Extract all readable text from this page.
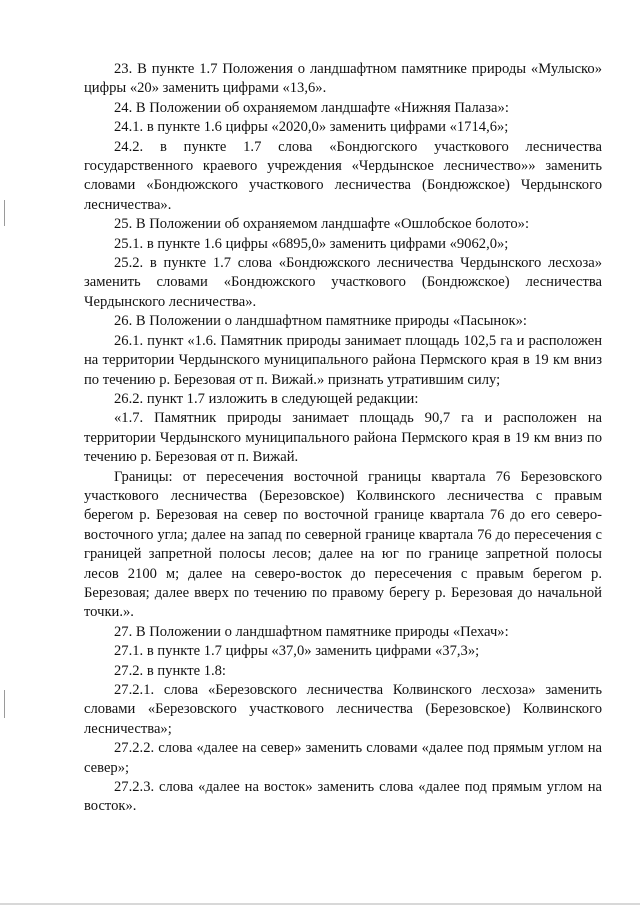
23. В пункте 1.7 Положения о ландшафтном памятнике природы «Мулыско» цифры «20» заменить цифрами «13,6».

24. В Положении об охраняемом ландшафте «Нижняя Палаза»:

24.1. в пункте 1.6 цифры «2020,0» заменить цифрами «1714,6»;

24.2. в пункте 1.7 слова «Бондюгского участкового лесничества государственного краевого учреждения «Чердынское лесничество»» заменить словами «Бондюжского участкового лесничества (Бондюжское) Чердынского лесничества».

25. В Положении об охраняемом ландшафте «Ошлобское болото»:

25.1. в пункте 1.6 цифры «6895,0» заменить цифрами «9062,0»;

25.2. в пункте 1.7 слова «Бондюжского лесничества Чердынского лесхоза» заменить словами «Бондюжского участкового (Бондюжское) лесничества Чердынского лесничества».

26. В Положении о ландшафтном памятнике природы «Пасынок»:

26.1. пункт «1.6. Памятник природы занимает площадь 102,5 га и расположен на территории Чердынского муниципального района Пермского края в 19 км вниз по течению р. Березовая от п. Вижай.» признать утратившим силу;

26.2. пункт 1.7 изложить в следующей редакции:

«1.7. Памятник природы занимает площадь 90,7 га и расположен на территории Чердынского муниципального района Пермского края в 19 км вниз по течению р. Березовая от п. Вижай.

Границы: от пересечения восточной границы квартала 76 Березовского участкового лесничества (Березовское) Колвинского лесничества с правым берегом р. Березовая на север по восточной границе квартала 76 до его северо-восточного угла; далее на запад по северной границе квартала 76 до пересечения с границей запретной полосы лесов; далее на юг по границе запретной полосы лесов 2100 м; далее на северо-восток до пересечения с правым берегом р. Березовая; далее вверх по течению по правому берегу р. Березовая до начальной точки.».

27. В Положении о ландшафтном памятнике природы «Пехач»:

27.1. в пункте 1.7 цифры «37,0» заменить цифрами «37,3»;

27.2. в пункте 1.8:

27.2.1. слова «Березовского лесничества Колвинского лесхоза» заменить словами «Березовского участкового лесничества (Березовское) Колвинского лесничества»;

27.2.2. слова «далее на север» заменить словами «далее под прямым углом на север»;

27.2.3. слова «далее на восток» заменить слова «далее под прямым углом на восток».
